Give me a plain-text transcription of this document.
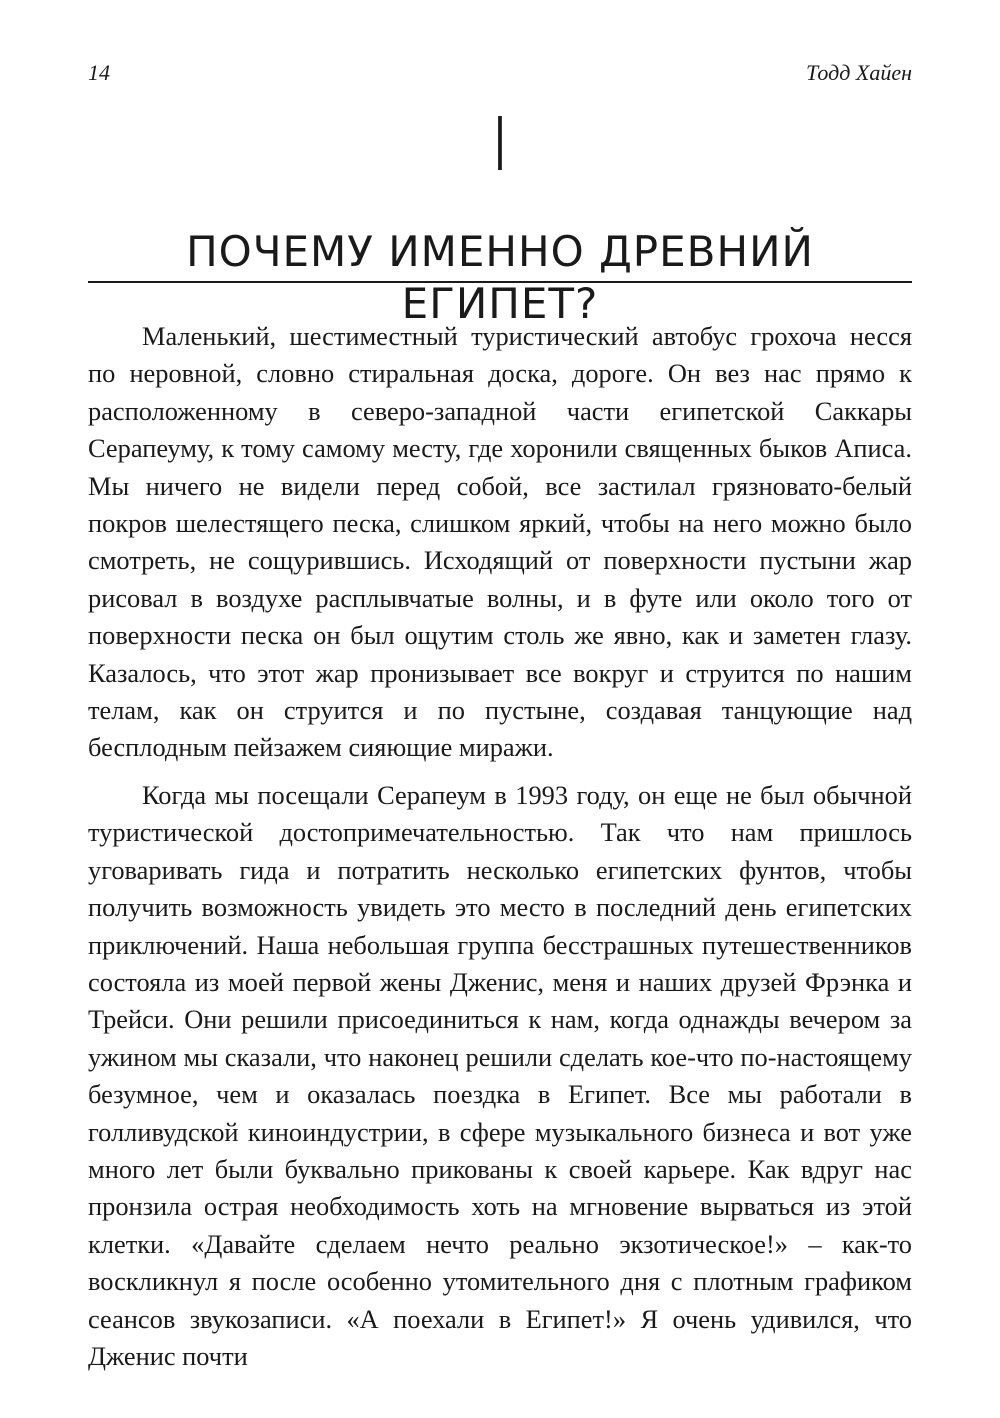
14	Тодд Хайен
I
ПОЧЕМУ ИМЕННО ДРЕВНИЙ ЕГИПЕТ?

Маленький, шестиместный туристический автобус грохоча несся по неровной, словно стиральная доска, дороге. Он вез нас прямо к расположенному в северо-западной части египетской Саккары Серапеуму, к тому самому месту, где хоронили священных быков Аписа. Мы ничего не видели перед собой, все застилал грязновато-белый покров шелестящего песка, слишком яркий, чтобы на него можно было смотреть, не сощурившись. Исходящий от поверхности пустыни жар рисовал в воздухе расплывчатые волны, и в футе или около того от поверхности песка он был ощутим столь же явно, как и заметен глазу. Казалось, что этот жар пронизывает все вокруг и струится по нашим телам, как он струится и по пустыне, создавая танцующие над бесплодным пейзажем сияющие миражи.

Когда мы посещали Серапеум в 1993 году, он еще не был обычной туристической достопримечательностью. Так что нам пришлось уговаривать гида и потратить несколько египетских фунтов, чтобы получить возможность увидеть это место в последний день египетских приключений. Наша небольшая группа бесстрашных путешественников состояла из моей первой жены Дженис, меня и наших друзей Фрэнка и Трейси. Они решили присоединиться к нам, когда однажды вечером за ужином мы сказали, что наконец решили сделать кое-что по-настоящему безумное, чем и оказалась поездка в Египет. Все мы работали в голливудской киноиндустрии, в сфере музыкального бизнеса и вот уже много лет были буквально прикованы к своей карьере. Как вдруг нас пронзила острая необходимость хоть на мгновение вырваться из этой клетки. «Давайте сделаем нечто реально экзотическое!» – как-то воскликнул я после особенно утомительного дня с плотным графиком сеансов звукозаписи. «А поехали в Египет!» Я очень удивился, что Дженис почти
